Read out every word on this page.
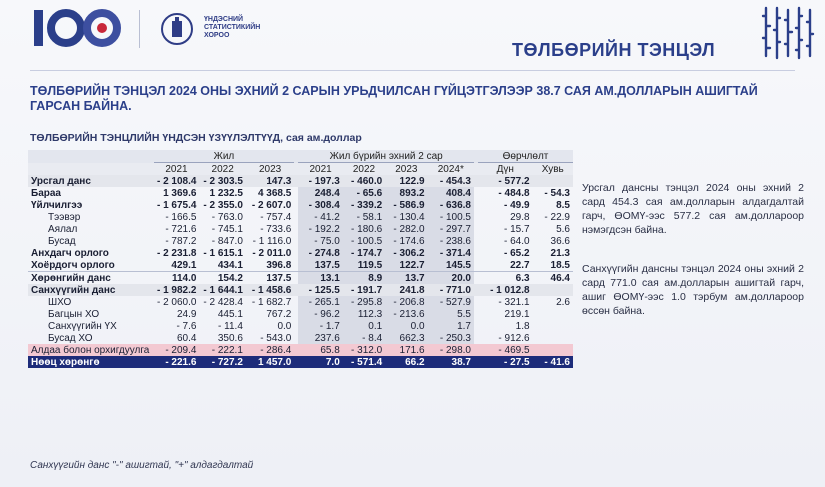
ҮНДЭСНИЙ СТАТИСТИКИЙН ХОРОО
ТӨЛБӨРИЙН ТЭНЦЭЛ
ТӨЛБӨРИЙН ТЭНЦЭЛ 2024 ОНЫ ЭХНИЙ 2 САРЫН УРЬДЧИЛСАН ГҮЙЦЭТГЭЛЭЭР 38.7 САЯ АМ.ДОЛЛАРЫН АШИГТАЙ ГАРСАН БАЙНА.
ТӨЛБӨРИЙН ТЭНЦЛИЙН ҮНДСЭН ҮЗҮҮЛЭЛТҮҮД, сая ам.доллар
	Жил				Жил бүрийн эхний 2 сар					Өөрчлөлт	
	2021	2022	2023		2021	2022	2023	2024*		Дүн	Хувь
Урсгал данс	- 2 108.4	- 2 303.5	147.3		- 197.3	- 460.0	122.9	- 454.3		- 577.2	
Бараа	1 369.6	1 232.5	4 368.5		248.4	- 65.6	893.2	408.4		- 484.8	- 54.3
Үйлчилгээ	- 1 675.4	- 2 355.0	- 2 607.0		- 308.4	- 339.2	- 586.9	- 636.8		- 49.9	8.5
Тээвэр	- 166.5	- 763.0	- 757.4		- 41.2	- 58.1	- 130.4	- 100.5		29.8	- 22.9
Аялал	- 721.6	- 745.1	- 733.6		- 192.2	- 180.6	- 282.0	- 297.7		- 15.7	5.6
Бусад	- 787.2	- 847.0	- 1 116.0		- 75.0	- 100.5	- 174.6	- 238.6		- 64.0	36.6
Анхдагч орлого	- 2 231.8	- 1 615.1	- 2 011.0		- 274.8	- 174.7	- 306.2	- 371.4		- 65.2	21.3
Хоёрдогч орлого	429.1	434.1	396.8		137.5	119.5	122.7	145.5		22.7	18.5
Хөрөнгийн данс	114.0	154.2	137.5		13.1	8.9	13.7	20.0		6.3	46.4
Санхүүгийн данс	- 1 982.2	- 1 644.1	- 1 458.6		- 125.5	- 191.7	241.8	- 771.0		- 1 012.8	
ШХО	- 2 060.0	- 2 428.4	- 1 682.7		- 265.1	- 295.8	- 206.8	- 527.9		- 321.1	2.6
Багцын ХО	24.9	445.1	767.2		- 96.2	112.3	- 213.6	5.5		219.1	
Санхүүгийн ҮХ	- 7.6	- 11.4	0.0		- 1.7	0.1	0.0	1.7		1.8	
Бусад ХО	60.4	350.6	- 543.0		237.6	- 8.4	662.3	- 250.3		- 912.6	
Алдаа болон орхигдуулга	- 209.4	- 222.1	- 286.4		65.8	- 312.0	171.6	- 298.0		- 469.5	
Нөөц хөрөнгө	- 221.6	- 727.2	1 457.0		7.0	- 571.4	66.2	38.7		- 27.5	- 41.6
Санхүүгийн данс "-" ашигтай, "+" алдагдалтай
Урсгал дансны тэнцэл 2024 оны эхний 2 сард 454.3 сая ам.долларын алдагдалтай гарч, ӨОМҮ-ээс 577.2 сая ам.доллароор нэмэгдсэн байна.
Санхүүгийн дансны тэнцэл 2024 оны эхний 2 сард 771.0 сая ам.долларын ашигтай гарч, ашиг ӨОМҮ-ээс 1.0 тэрбум ам.доллароор өссөн байна.
